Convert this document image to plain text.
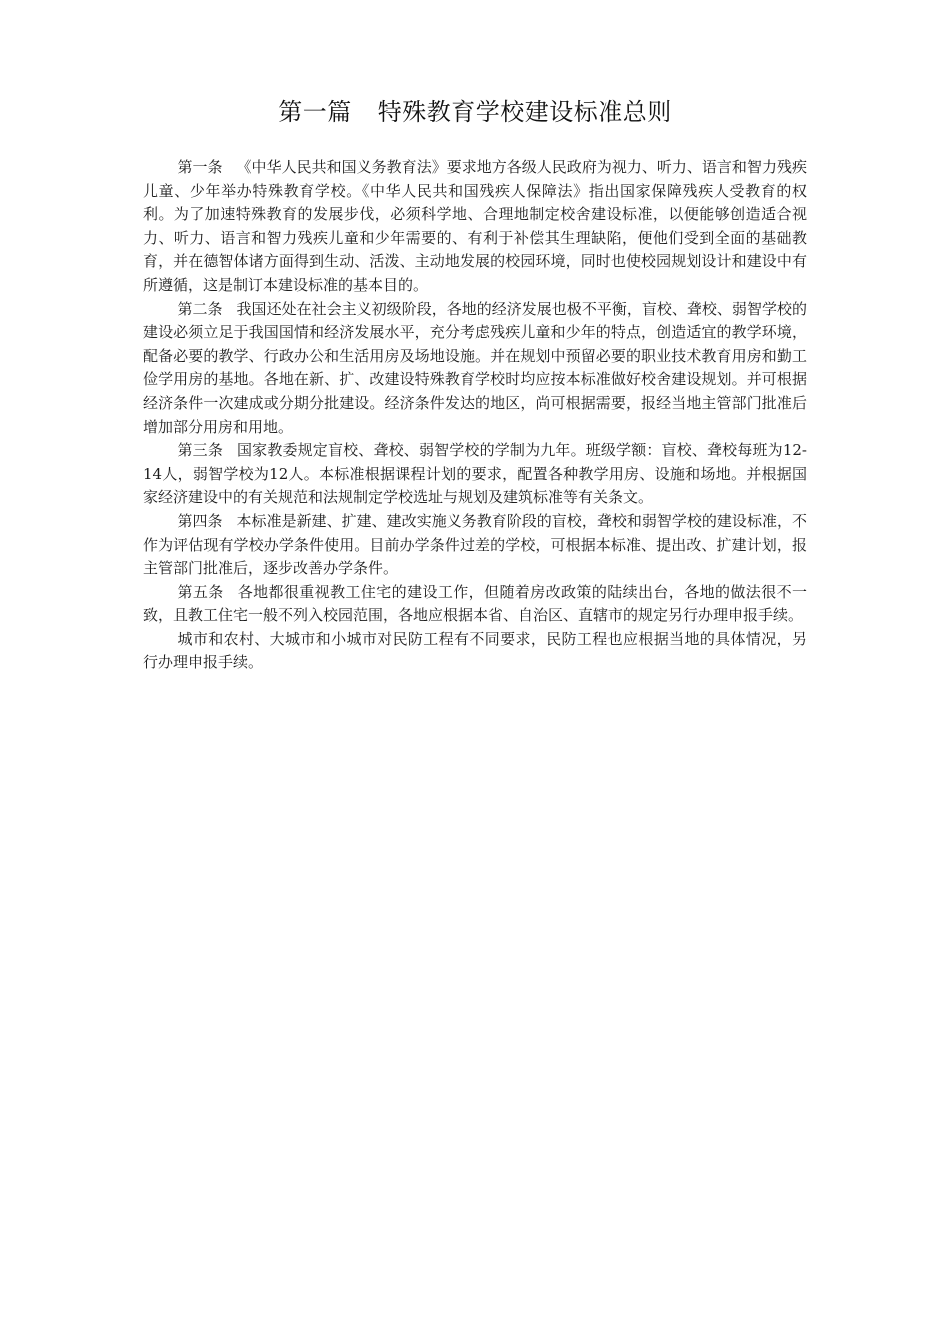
第一篇 特殊教育学校建设标准总则

第一条 《中华人民共和国义务教育法》要求地方各级人民政府为视力、听力、语言和智力残疾儿童、少年举办特殊教育学校。《中华人民共和国残疾人保障法》指出国家保障残疾人受教育的权利。为了加速特殊教育的发展步伐，必须科学地、合理地制定校舍建设标准，以便能够创造适合视力、听力、语言和智力残疾儿童和少年需要的、有利于补偿其生理缺陷，便他们受到全面的基础教育，并在德智体诸方面得到生动、活泼、主动地发展的校园环境，同时也使校园规划设计和建设中有所遵循，这是制订本建设标准的基本目的。

第二条 我国还处在社会主义初级阶段，各地的经济发展也极不平衡，盲校、聋校、弱智学校的建设必须立足于我国国情和经济发展水平，充分考虑残疾儿童和少年的特点，创造适宜的教学环境，配备必要的教学、行政办公和生活用房及场地设施。并在规划中预留必要的职业技术教育用房和勤工俭学用房的基地。各地在新、扩、改建设特殊教育学校时均应按本标准做好校舍建设规划。并可根据经济条件一次建成或分期分批建设。经济条件发达的地区，尚可根据需要，报经当地主管部门批准后增加部分用房和用地。

第三条 国家教委规定盲校、聋校、弱智学校的学制为九年。班级学额：盲校、聋校每班为12-14人，弱智学校为12人。本标准根据课程计划的要求，配置各种教学用房、设施和场地。并根据国家经济建设中的有关规范和法规制定学校选址与规划及建筑标准等有关条文。

第四条 本标准是新建、扩建、建改实施义务教育阶段的盲校，聋校和弱智学校的建设标准，不作为评估现有学校办学条件使用。目前办学条件过差的学校，可根据本标准、提出改、扩建计划，报主管部门批准后，逐步改善办学条件。

第五条 各地都很重视教工住宅的建设工作，但随着房改政策的陆续出台，各地的做法很不一致，且教工住宅一般不列入校园范围，各地应根据本省、自治区、直辖市的规定另行办理申报手续。

城市和农村、大城市和小城市对民防工程有不同要求，民防工程也应根据当地的具体情况，另行办理申报手续。
